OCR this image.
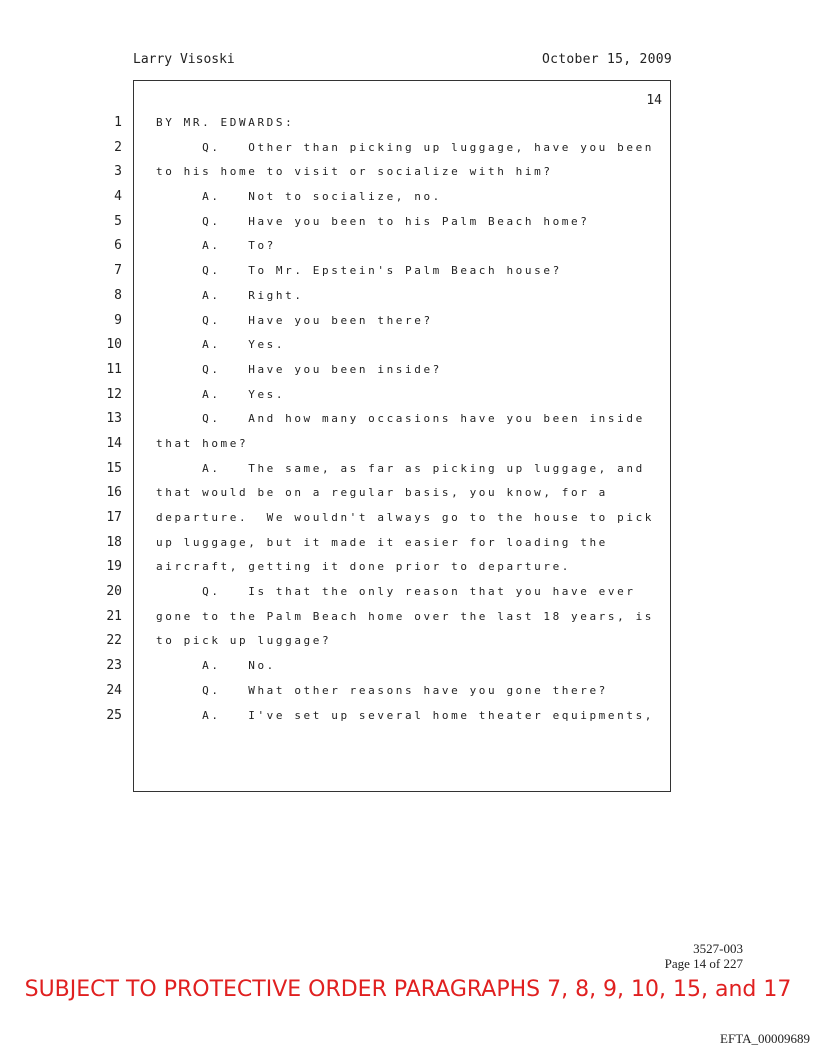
Larry Visoski	October 15, 2009
14
1
2
3
4
5
6
7
8
9
10
11
12
13
14
15
16
17
18
19
20
21
22
23
24
25
BY MR. EDWARDS:
Q.   Other than picking up luggage, have you been
to his home to visit or socialize with him?
A.   Not to socialize, no.
Q.   Have you been to his Palm Beach home?
A.   To?
Q.   To Mr. Epstein's Palm Beach house?
A.   Right.
Q.   Have you been there?
A.   Yes.
Q.   Have you been inside?
A.   Yes.
Q.   And how many occasions have you been inside
that home?
A.   The same, as far as picking up luggage, and
that would be on a regular basis, you know, for a
departure.  We wouldn't always go to the house to pick
up luggage, but it made it easier for loading the
aircraft, getting it done prior to departure.
Q.   Is that the only reason that you have ever
gone to the Palm Beach home over the last 18 years, is
to pick up luggage?
A.   No.
Q.   What other reasons have you gone there?
A.   I've set up several home theater equipments,
3527-003
Page 14 of 227
SUBJECT TO PROTECTIVE ORDER PARAGRAPHS 7, 8, 9, 10, 15, and 17
EFTA_00009689
